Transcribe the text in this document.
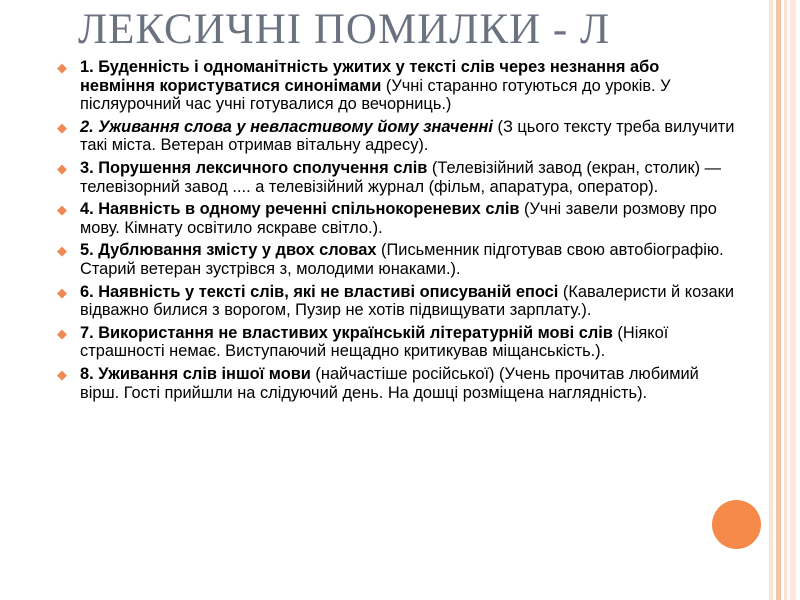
ЛЕКСИЧНІ ПОМИЛКИ - Л
◆ 1. Буденність і одноманітність ужитих у тексті слів через незнання або невміння користуватися синонімами (Учні старанно готуються до уроків. У післяурочний час учні готувалися до вечорниць.)
◆ 2. Уживання слова у невластивому йому значенні (З цього тексту треба вилучити такі міста. Ветеран отримав вітальну адресу).
◆ 3. Порушення лексичного сполучення слів (Телевізійний завод (екран, столик) — телевізорний завод .... а телевізійний журнал (фільм, апаратура, оператор).
◆ 4. Наявність в одному реченні спільнокореневих слів (Учні завели розмову про мову. Кімнату освітило яскраве світло.).
◆ 5. Дублювання змісту у двох словах (Письменник підготував свою автобіографію. Старий ветеран зустрівся з, молодими юнаками.).
◆ 6. Наявність у тексті слів, які не властиві описуваній епосі (Кавалеристи й козаки відважно билися з ворогом, Пузир не хотів підвищувати зарплату.).
◆ 7. Використання не властивих українській літературній мові слів (Ніякої страшності немає. Виступаючий нещадно критикував міщанськість.).
◆ 8. Уживання слів іншої мови (найчастіше російської) (Учень прочитав любимий вірш. Гості прийшли на слідуючий день. На дошці розміщена наглядність).
